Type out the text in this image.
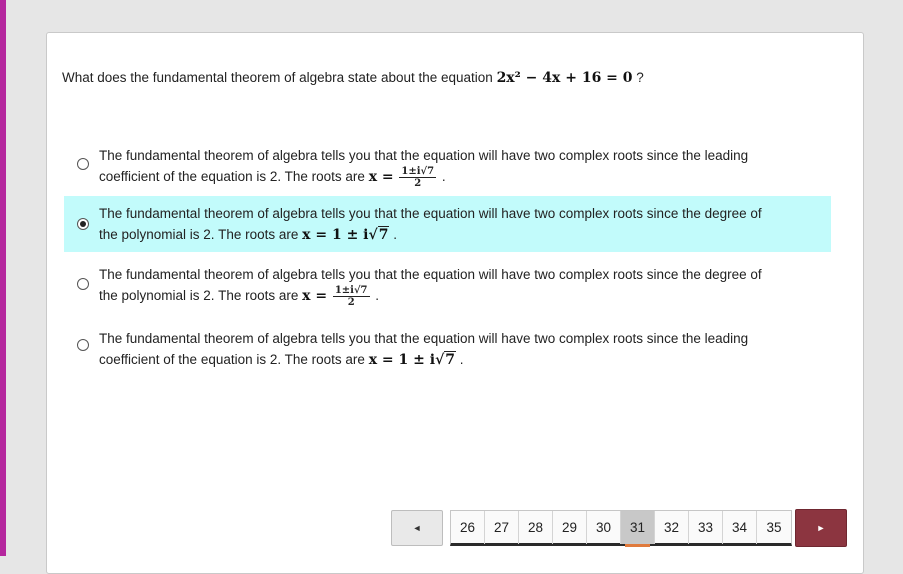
What does the fundamental theorem of algebra state about the equation 2x² − 4x + 16 = 0 ?
The fundamental theorem of algebra tells you that the equation will have two complex roots since the leading
coefficient of the equation is 2. The roots are $x = \frac{1\pm i√7}{2}$ .
The fundamental theorem of algebra tells you that the equation will have two complex roots since the degree of
the polynomial is 2. The roots are x = 1 ± i√7 .
The fundamental theorem of algebra tells you that the equation will have two complex roots since the degree of
the polynomial is 2. The roots are $x = \frac{1\pm i√7}{2}$ .
The fundamental theorem of algebra tells you that the equation will have two complex roots since the leading
coefficient of the equation is 2. The roots are x = 1 ± i√7 .
◄	26	27	28	29	30	31	32	33	34	35	►
